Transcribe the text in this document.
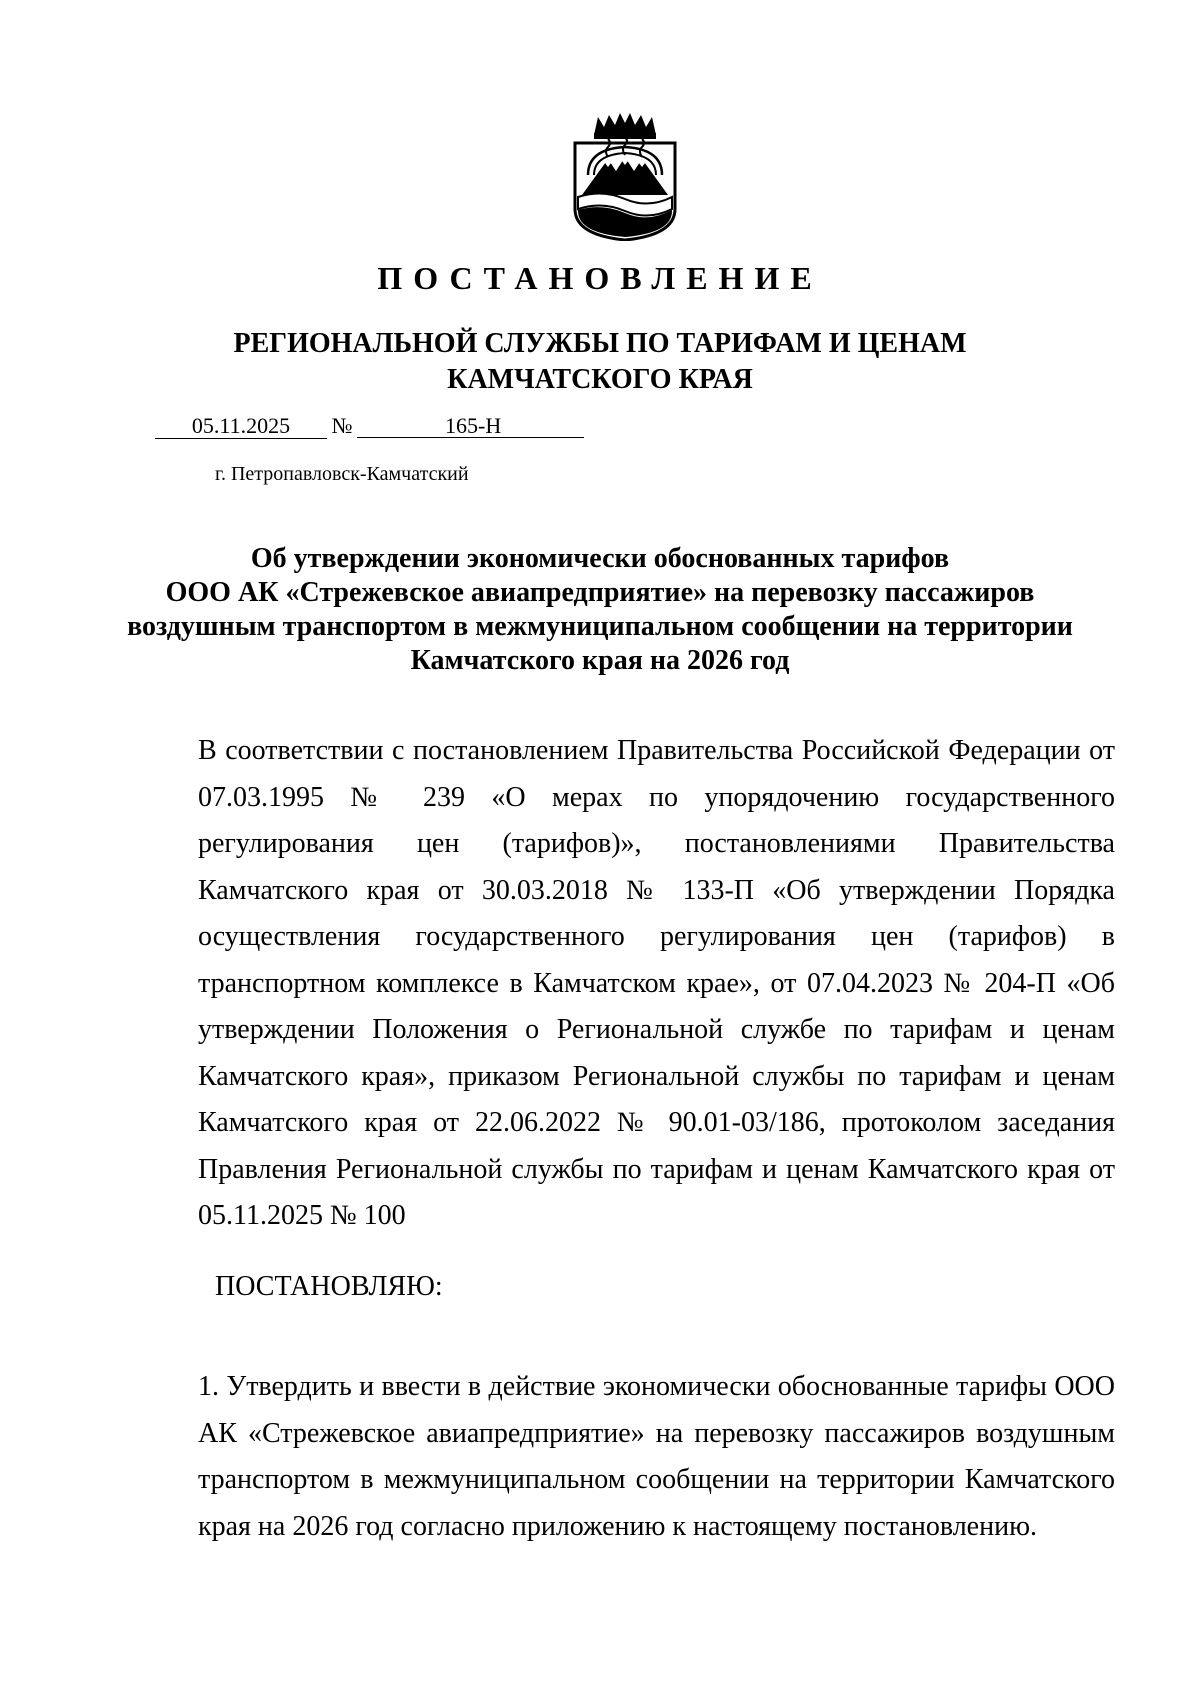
ПОСТАНОВЛЕНИЕ
РЕГИОНАЛЬНОЙ СЛУЖБЫ ПО ТАРИФАМ И ЦЕНАМ
КАМЧАТСКОГО КРАЯ
05.11.2025	№	165-Н
г. Петропавловск-Камчатский
Об утверждении экономически обоснованных тарифов
ООО АК «Стрежевское авиапредприятие» на перевозку пассажиров
воздушным транспортом в межмуниципальном сообщении на территории
Камчатского края на 2026 год
В соответствии с постановлением Правительства Российской Федерации от 07.03.1995 № 239 «О мерах по упорядочению государственного регулирования цен (тарифов)», постановлениями Правительства Камчатского края от 30.03.2018 № 133-П «Об утверждении Порядка осуществления государственного регулирования цен (тарифов) в транспортном комплексе в Камчатском крае», от 07.04.2023 № 204-П «Об утверждении Положения о Региональной службе по тарифам и ценам Камчатского края», приказом Региональной службы по тарифам и ценам Камчатского края от 22.06.2022 № 90.01-03/186, протоколом заседания Правления Региональной службы по тарифам и ценам Камчатского края от 05.11.2025 № 100
ПОСТАНОВЛЯЮ:
1. Утвердить и ввести в действие экономически обоснованные тарифы ООО АК «Стрежевское авиапредприятие» на перевозку пассажиров воздушным транспортом в межмуниципальном сообщении на территории Камчатского края на 2026 год согласно приложению к настоящему постановлению.
